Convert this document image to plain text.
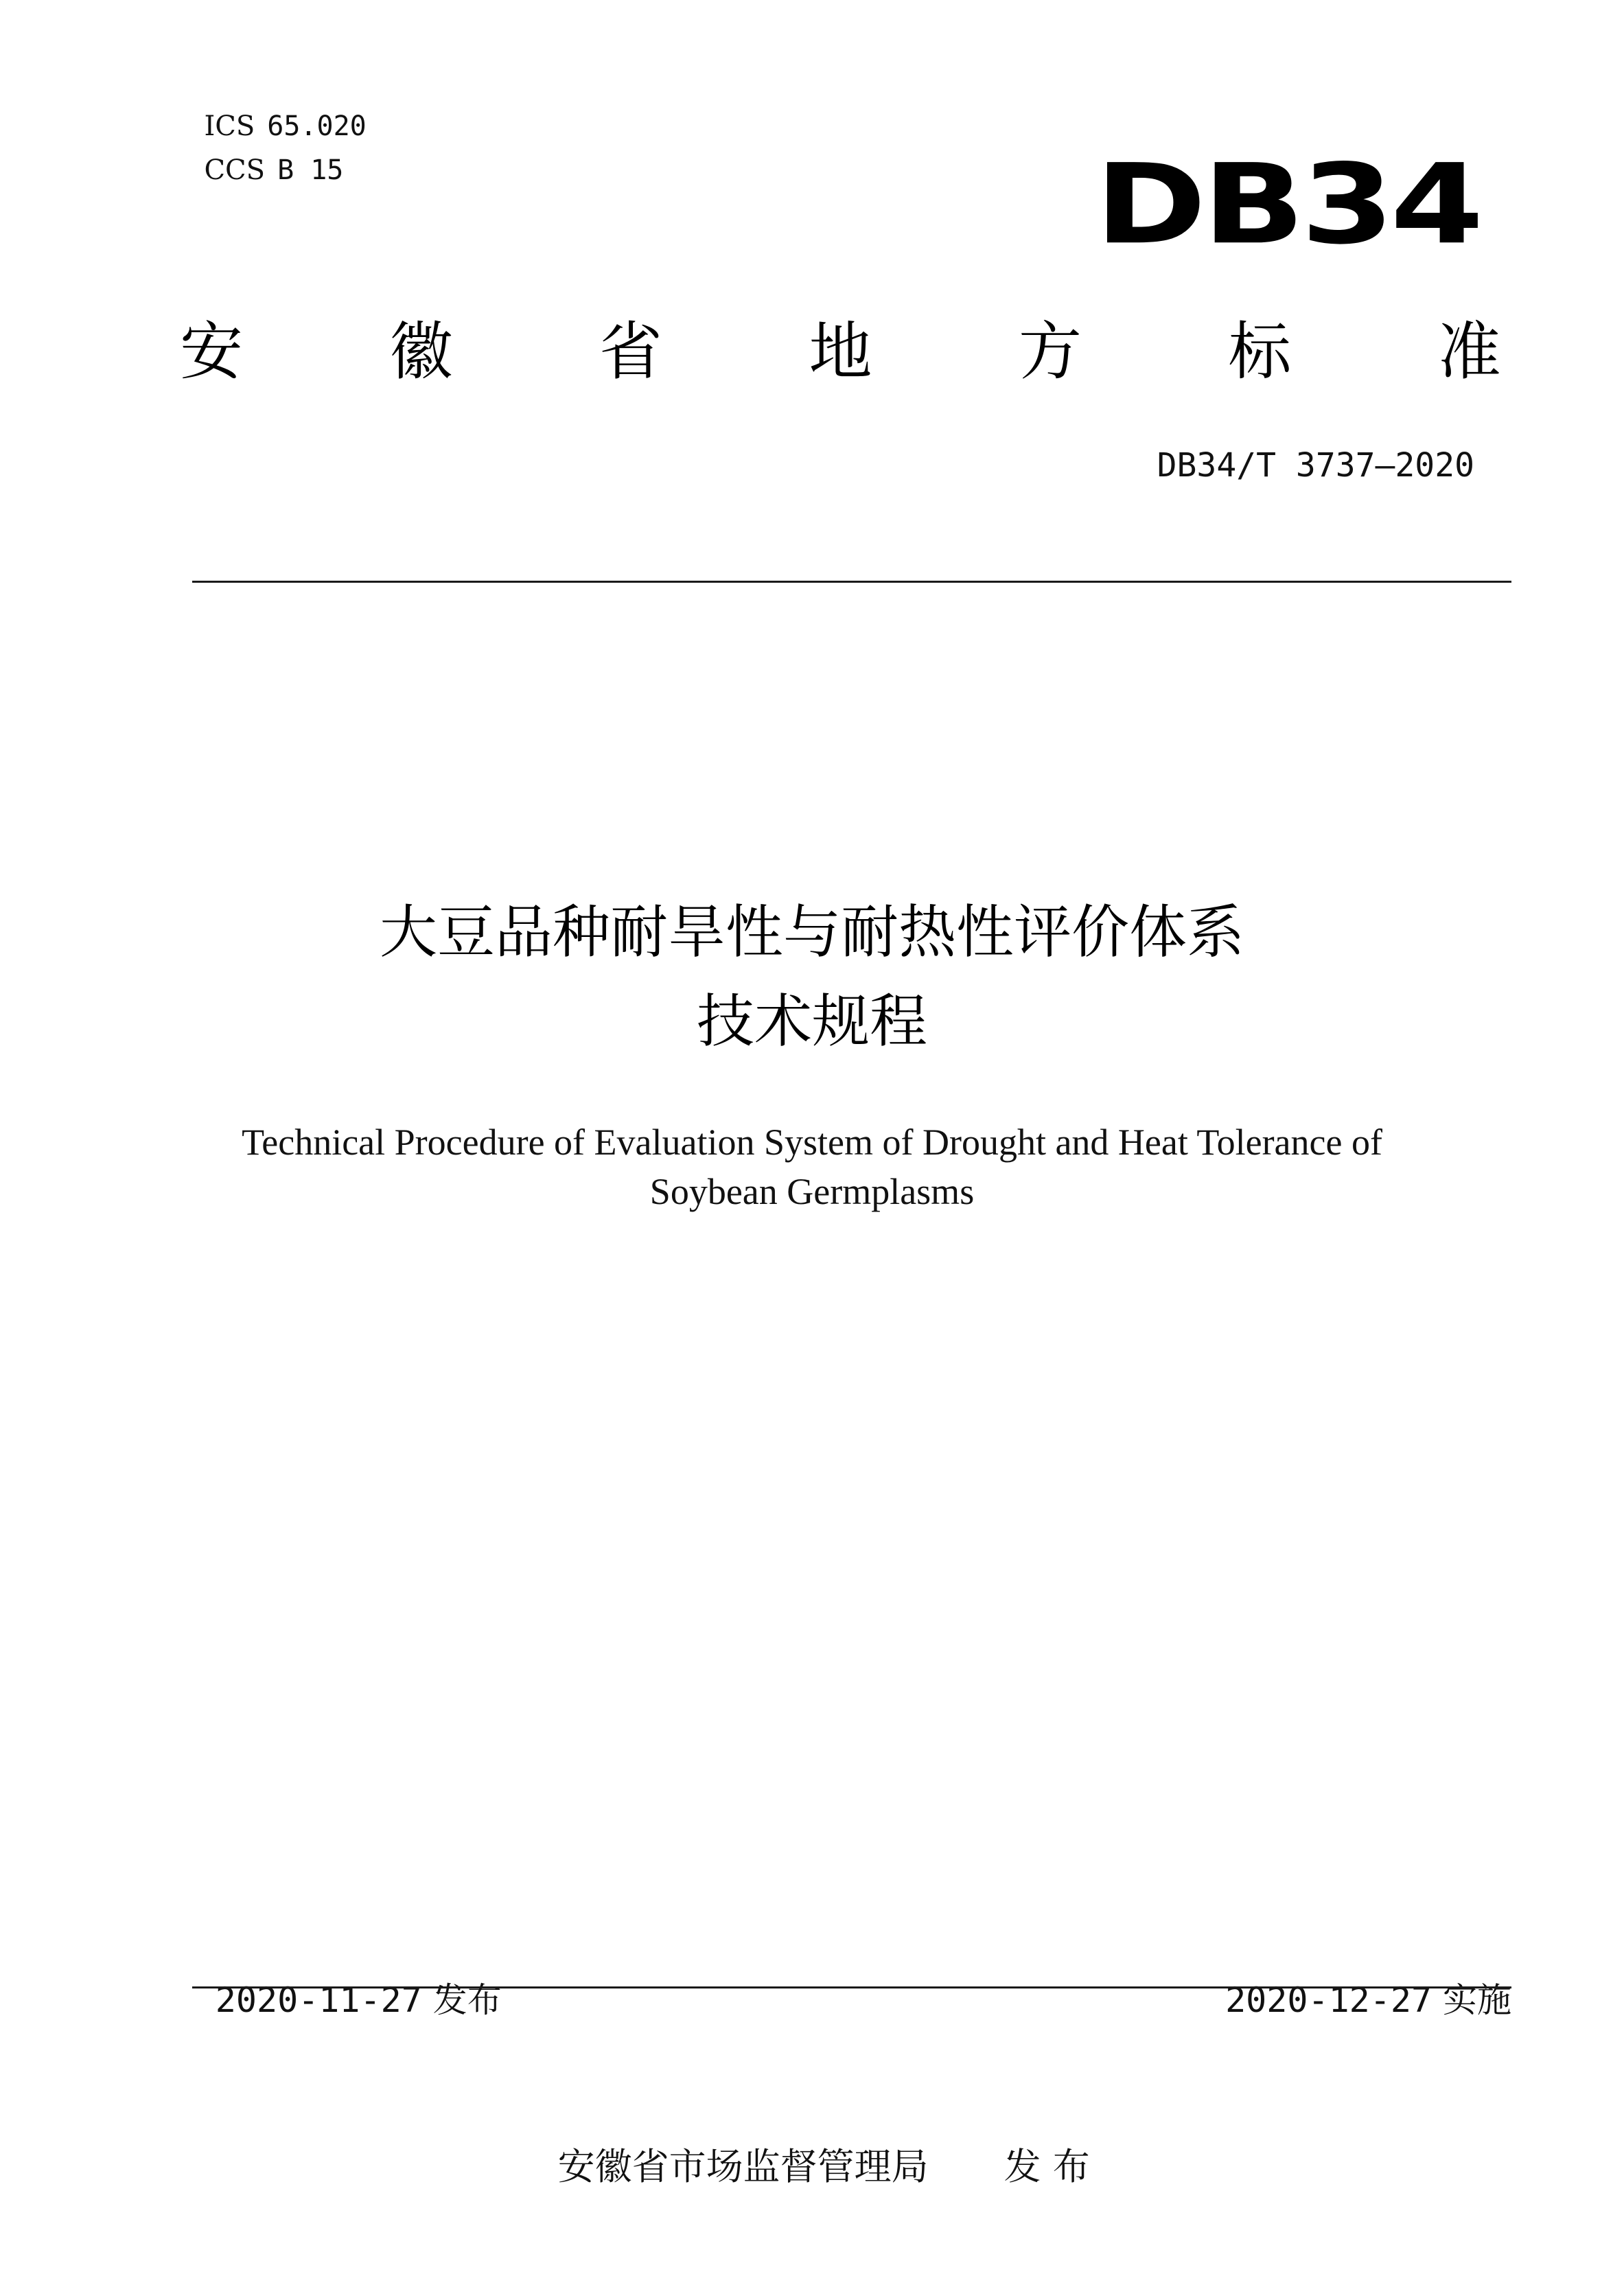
ICS 65.020

CCS B 15	DB34
安 徽 省 地 方 标 准
DB34/T 3737—2020
大豆品种耐旱性与耐热性评价体系
技术规程
Technical Procedure of Evaluation System of Drought and Heat Tolerance of
Soybean Germplasms

2020-11-27 发布	2020-12-27 实施

安徽省市场监督管理局 发 布
